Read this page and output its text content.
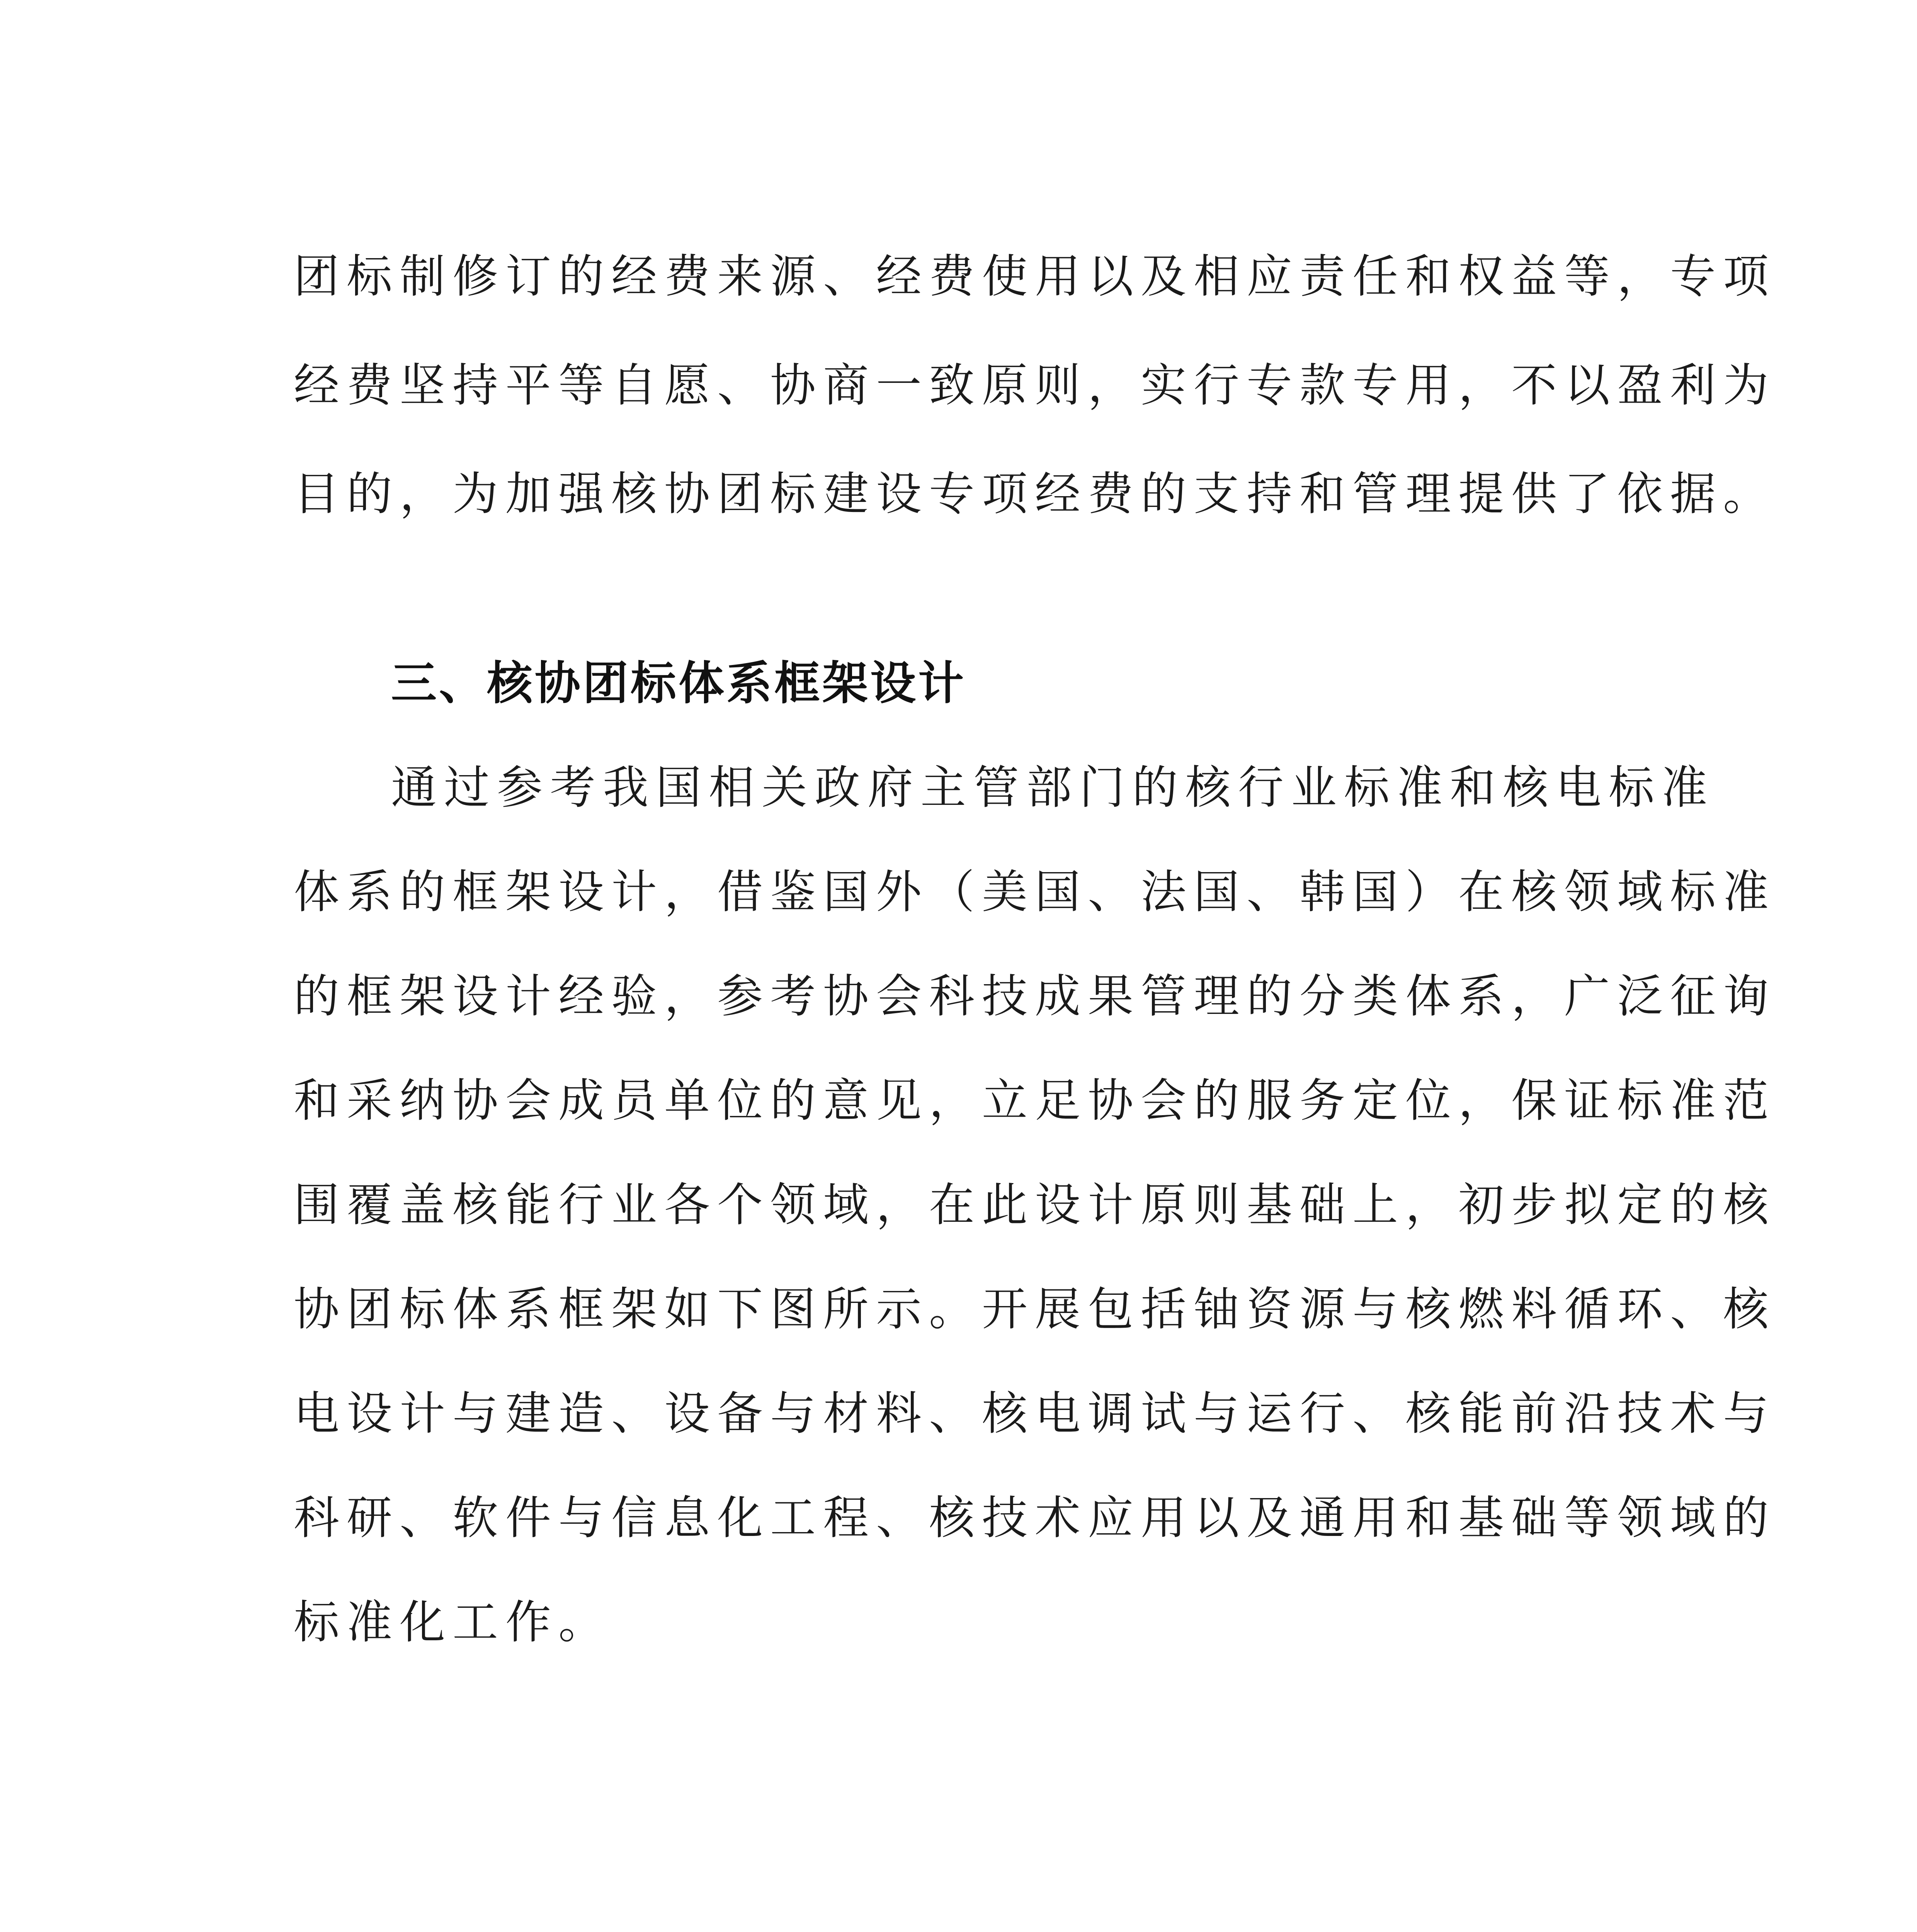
团标制修订的经费来源、经费使用以及相应责任和权益等，专项
经费坚持平等自愿、协商一致原则，实行专款专用，不以盈利为
目的，为加强核协团标建设专项经费的支持和管理提供了依据。
三、核协团标体系框架设计
通过参考我国相关政府主管部门的核行业标准和核电标准
体系的框架设计，借鉴国外（美国、法国、韩国）在核领域标准
的框架设计经验，参考协会科技成果管理的分类体系，广泛征询
和采纳协会成员单位的意见，立足协会的服务定位，保证标准范
围覆盖核能行业各个领域，在此设计原则基础上，初步拟定的核
协团标体系框架如下图所示。开展包括铀资源与核燃料循环、核
电设计与建造、设备与材料、核电调试与运行、核能前沿技术与
科研、软件与信息化工程、核技术应用以及通用和基础等领域的
标准化工作。
